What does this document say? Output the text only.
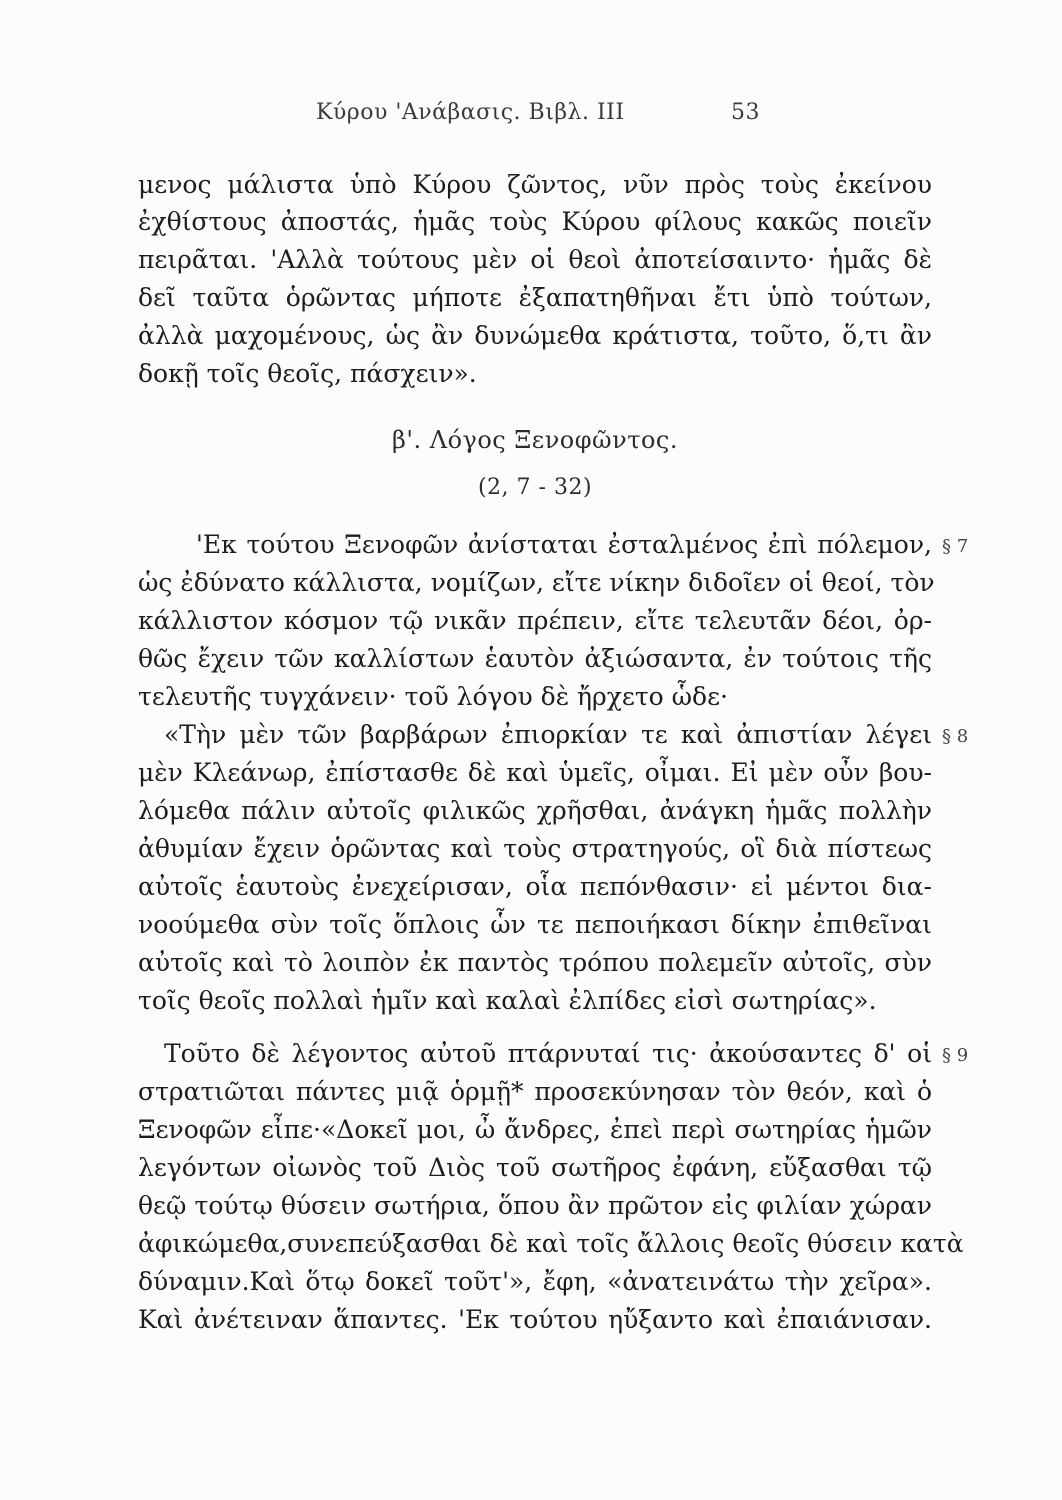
Κύρου 'Ανάβασις. Βιβλ. ΙΙΙ	53
μενος μάλιστα ὑπὸ Κύρου ζῶντος, νῦν πρὸς τοὺς ἐκείνου
ἐχθίστους ἀποστάς, ἡμᾶς τοὺς Κύρου φίλους κακῶς ποιεῖν
πειρᾶται. 'Αλλὰ τούτους μὲν οἱ θεοὶ ἀποτείσαιντο· ἡμᾶς δὲ
δεῖ ταῦτα ὁρῶντας μήποτε ἐξαπατηθῆναι ἔτι ὑπὸ τούτων,
ἀλλὰ μαχομένους, ὡς ἂν δυνώμεθα κράτιστα, τοῦτο, ὅ,τι ἂν
δοκῇ τοῖς θεοῖς, πάσχειν».
β'. Λόγος Ξενοφῶντος.
(2, 7 - 32)
'Εκ τούτου Ξενοφῶν ἀνίσταται ἐσταλμένος ἐπὶ πόλεμον,
ὡς ἐδύνατο κάλλιστα, νομίζων, εἴτε νίκην διδοῖεν οἱ θεοί, τὸν
κάλλιστον κόσμον τῷ νικᾶν πρέπειν, εἴτε τελευτᾶν δέοι, ὀρ-
θῶς ἔχειν τῶν καλλίστων ἑαυτὸν ἀξιώσαντα, ἐν τούτοις τῆς
τελευτῆς τυγχάνειν· τοῦ λόγου δὲ ἤρχετο ὧδε·
«Τὴν μὲν τῶν βαρβάρων ἐπιορκίαν τε καὶ ἀπιστίαν λέγει
μὲν Κλεάνωρ, ἐπίστασθε δὲ καὶ ὑμεῖς, οἶμαι. Εἰ μὲν οὖν βου-
λόμεθα πάλιν αὐτοῖς φιλικῶς χρῆσθαι, ἀνάγκη ἡμᾶς πολλὴν
ἀθυμίαν ἔχειν ὁρῶντας καὶ τοὺς στρατηγούς, οἳ διὰ πίστεως
αὐτοῖς ἑαυτοὺς ἐνεχείρισαν, οἷα πεπόνθασιν· εἰ μέντοι δια-
νοούμεθα σὺν τοῖς ὅπλοις ὧν τε πεποιήκασι δίκην ἐπιθεῖναι
αὐτοῖς καὶ τὸ λοιπὸν ἐκ παντὸς τρόπου πολεμεῖν αὐτοῖς, σὺν
τοῖς θεοῖς πολλαὶ ἡμῖν καὶ καλαὶ ἐλπίδες εἰσὶ σωτηρίας».
Τοῦτο δὲ λέγοντος αὐτοῦ πτάρνυταί τις· ἀκούσαντες δ' οἱ
στρατιῶται πάντες μιᾷ ὁρμῇ* προσεκύνησαν τὸν θεόν, καὶ ὁ
Ξενοφῶν εἶπε·«Δοκεῖ μοι, ὦ ἄνδρες, ἐπεὶ περὶ σωτηρίας ἡμῶν
λεγόντων οἰωνὸς τοῦ Διὸς τοῦ σωτῆρος ἐφάνη, εὔξασθαι τῷ
θεῷ τούτῳ θύσειν σωτήρια, ὅπου ἂν πρῶτον εἰς φιλίαν χώραν
ἀφικώμεθα,συνεπεύξασθαι δὲ καὶ τοῖς ἄλλοις θεοῖς θύσειν κατὰ
δύναμιν.Καὶ ὅτῳ δοκεῖ τοῦτ'», ἔφη, «ἀνατεινάτω τὴν χεῖρα».
Καὶ ἀνέτειναν ἅπαντες. 'Εκ τούτου ηὔξαντο καὶ ἐπαιάνισαν.
§ 7
§ 8
§ 9
